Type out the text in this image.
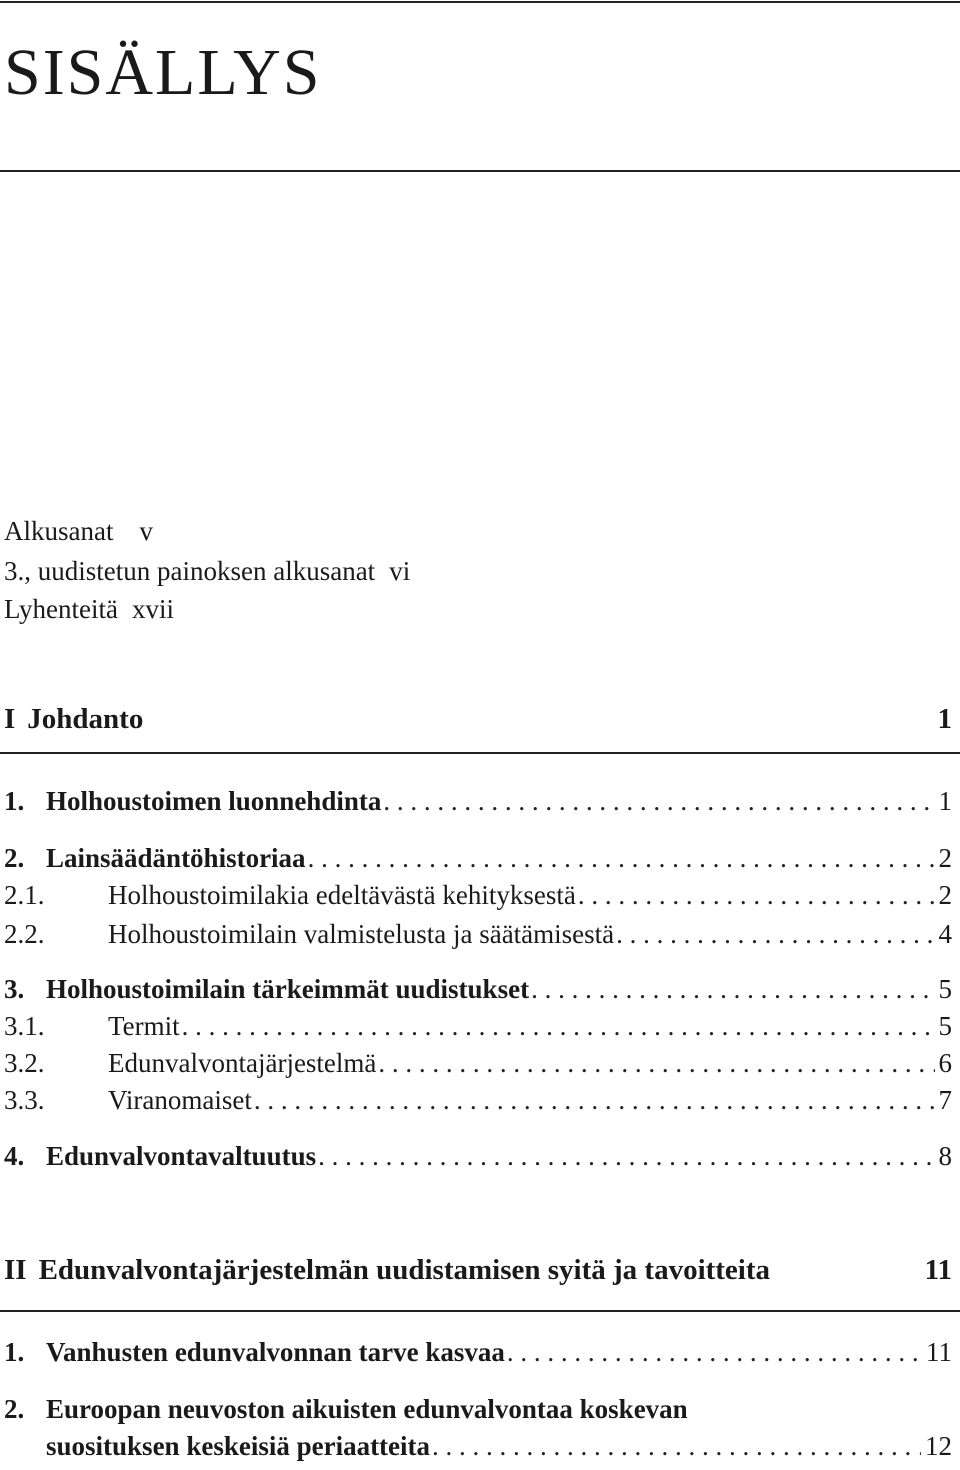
SISÄLLYS
Alkusanat v
3., uudistetun painoksen alkusanat vi
Lyhenteitä xvii
I Johdanto	1
1. Holhoustoimen luonnehdinta . . .	1
2. Lainsäädäntöhistoriaa . . .	2
2.1.	Holhoustoimilakia edeltävästä kehityksestä . . .	2
2.2.	Holhoustoimilain valmistelusta ja säätämisestä . . .	4
3. Holhoustoimilain tärkeimmät uudistukset . . .	5
3.1.	Termit . . .	5
3.2.	Edunvalvontajärjestelmä . . .	6
3.3.	Viranomaiset . . .	7
4. Edunvalvontavaltuutus . . .	8
II Edunvalvontajärjestelmän uudistamisen syitä ja tavoitteita	11
1. Vanhusten edunvalvonnan tarve kasvaa . . .	11
2. Euroopan neuvoston aikuisten edunvalvontaa koskevan
suosituksen keskeisiä periaatteita . . .	12
